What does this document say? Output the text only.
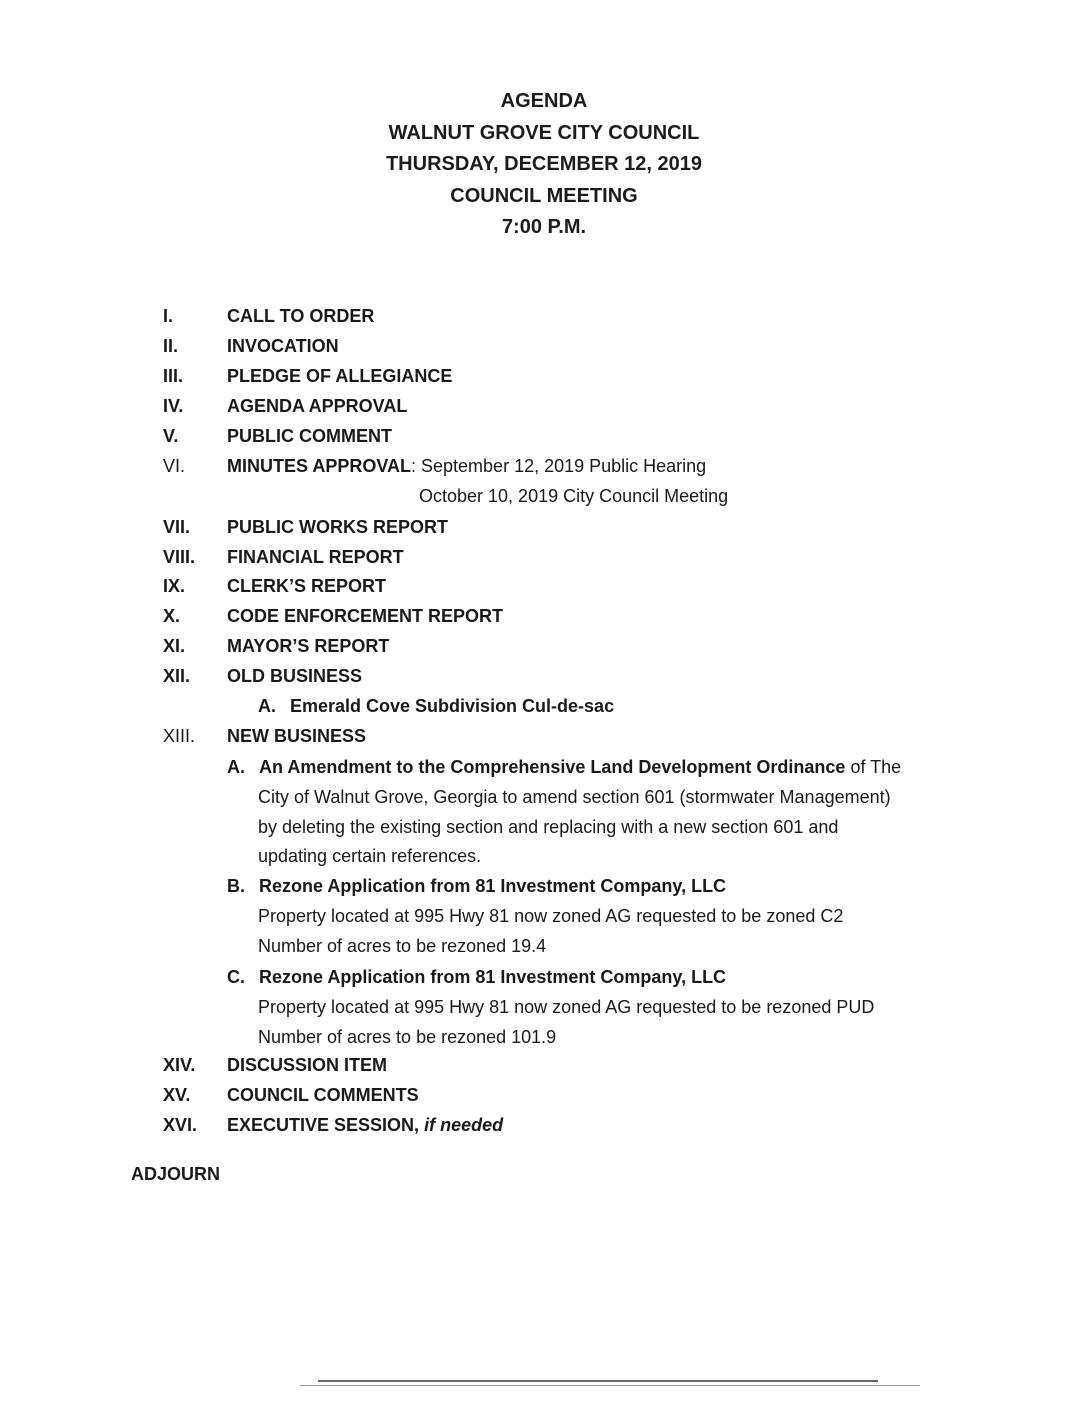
AGENDA
WALNUT GROVE CITY COUNCIL
THURSDAY, DECEMBER 12, 2019
COUNCIL MEETING
7:00 P.M.
I.	CALL TO ORDER
II.	INVOCATION
III.	PLEDGE OF ALLEGIANCE
IV.	AGENDA APPROVAL
V.	PUBLIC COMMENT
VI.	MINUTES APPROVAL: September 12, 2019 Public Hearing
October 10, 2019 City Council Meeting
VII.	PUBLIC WORKS REPORT
VIII.	FINANCIAL REPORT
IX.	CLERK’S REPORT
X.	CODE ENFORCEMENT REPORT
XI.	MAYOR’S REPORT
XII.	OLD BUSINESS
A. Emerald Cove Subdivision Cul-de-sac
XIII.	NEW BUSINESS
A. An Amendment to the Comprehensive Land Development Ordinance of The
City of Walnut Grove, Georgia to amend section 601 (stormwater Management)
by deleting the existing section and replacing with a new section 601 and
updating certain references.
B. Rezone Application from 81 Investment Company, LLC
Property located at 995 Hwy 81 now zoned AG requested to be zoned C2
Number of acres to be rezoned 19.4
C. Rezone Application from 81 Investment Company, LLC
Property located at 995 Hwy 81 now zoned AG requested to be rezoned PUD
Number of acres to be rezoned 101.9
XIV.	DISCUSSION ITEM
XV.	COUNCIL COMMENTS
XVI.	EXECUTIVE SESSION, if needed
ADJOURN
